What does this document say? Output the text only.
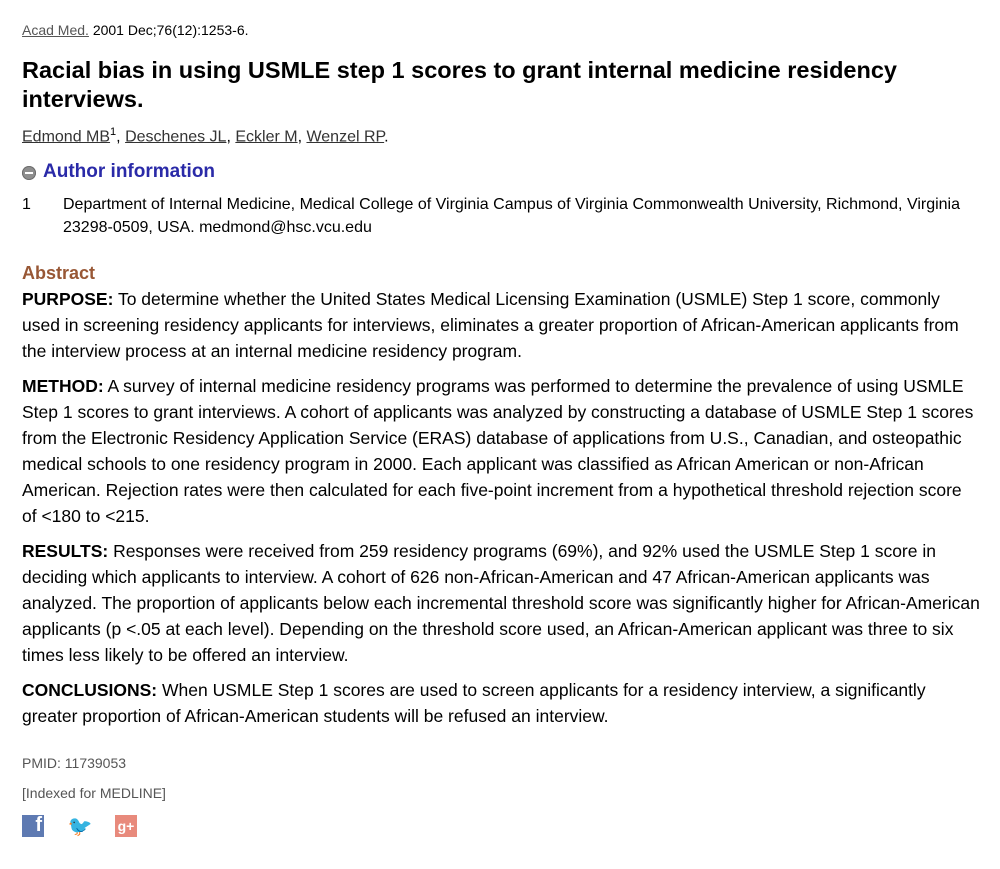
Acad Med. 2001 Dec;76(12):1253-6.
Racial bias in using USMLE step 1 scores to grant internal medicine residency interviews.
Edmond $MB^1$, Deschenes JL, Eckler M, Wenzel RP.
Author information
1	Department of Internal Medicine, Medical College of Virginia Campus of Virginia Commonwealth University, Richmond, Virginia 23298-0509, USA. medmond@hsc.vcu.edu
Abstract

PURPOSE: To determine whether the United States Medical Licensing Examination (USMLE) Step 1 score, commonly used in screening residency applicants for interviews, eliminates a greater proportion of African-American applicants from the interview process at an internal medicine residency program.

METHOD: A survey of internal medicine residency programs was performed to determine the prevalence of using USMLE Step 1 scores to grant interviews. A cohort of applicants was analyzed by constructing a database of USMLE Step 1 scores from the Electronic Residency Application Service (ERAS) database of applications from U.S., Canadian, and osteopathic medical schools to one residency program in 2000. Each applicant was classified as African American or non-African American. Rejection rates were then calculated for each five-point increment from a hypothetical threshold rejection score of <180 to <215.

RESULTS: Responses were received from 259 residency programs (69%), and 92% used the USMLE Step 1 score in deciding which applicants to interview. A cohort of 626 non-African-American and 47 African-American applicants was analyzed. The proportion of applicants below each incremental threshold score was significantly higher for African-American applicants (p <.05 at each level). Depending on the threshold score used, an African-American applicant was three to six times less likely to be offered an interview.

CONCLUSIONS: When USMLE Step 1 scores are used to screen applicants for a residency interview, a significantly greater proportion of African-American students will be refused an interview.

PMID: 11739053
[Indexed for MEDLINE]
f 🐦 g+
